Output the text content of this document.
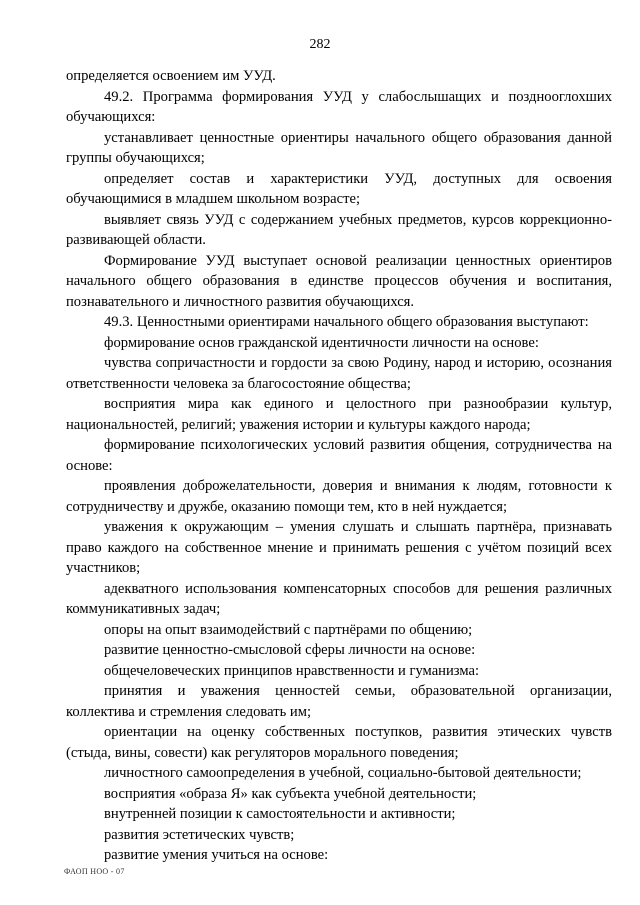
282

определяется освоением им УУД.

49.2. Программа формирования УУД у слабослышащих и позднооглохших обучающихся:

устанавливает ценностные ориентиры начального общего образования данной группы обучающихся;

определяет состав и характеристики УУД, доступных для освоения обучающимися в младшем школьном возрасте;

выявляет связь УУД с содержанием учебных предметов, курсов коррекционно-развивающей области.

Формирование УУД выступает основой реализации ценностных ориентиров начального общего образования в единстве процессов обучения и воспитания, познавательного и личностного развития обучающихся.

49.3. Ценностными ориентирами начального общего образования выступают:

формирование основ гражданской идентичности личности на основе:

чувства сопричастности и гордости за свою Родину, народ и историю, осознания ответственности человека за благосостояние общества;

восприятия мира как единого и целостного при разнообразии культур, национальностей, религий; уважения истории и культуры каждого народа;

формирование психологических условий развития общения, сотрудничества на основе:

проявления доброжелательности, доверия и внимания к людям, готовности к сотрудничеству и дружбе, оказанию помощи тем, кто в ней нуждается;

уважения к окружающим – умения слушать и слышать партнёра, признавать право каждого на собственное мнение и принимать решения с учётом позиций всех участников;

адекватного использования компенсаторных способов для решения различных коммуникативных задач;

опоры на опыт взаимодействий с партнёрами по общению;

развитие ценностно-смысловой сферы личности на основе:

общечеловеческих принципов нравственности и гуманизма:

принятия и уважения ценностей семьи, образовательной организации, коллектива и стремления следовать им;

ориентации на оценку собственных поступков, развития этических чувств (стыда, вины, совести) как регуляторов морального поведения;

личностного самоопределения в учебной, социально-бытовой деятельности;

восприятия «образа Я» как субъекта учебной деятельности;

внутренней позиции к самостоятельности и активности;

развития эстетических чувств;

развитие умения учиться на основе:

ФАОП НОО - 07
